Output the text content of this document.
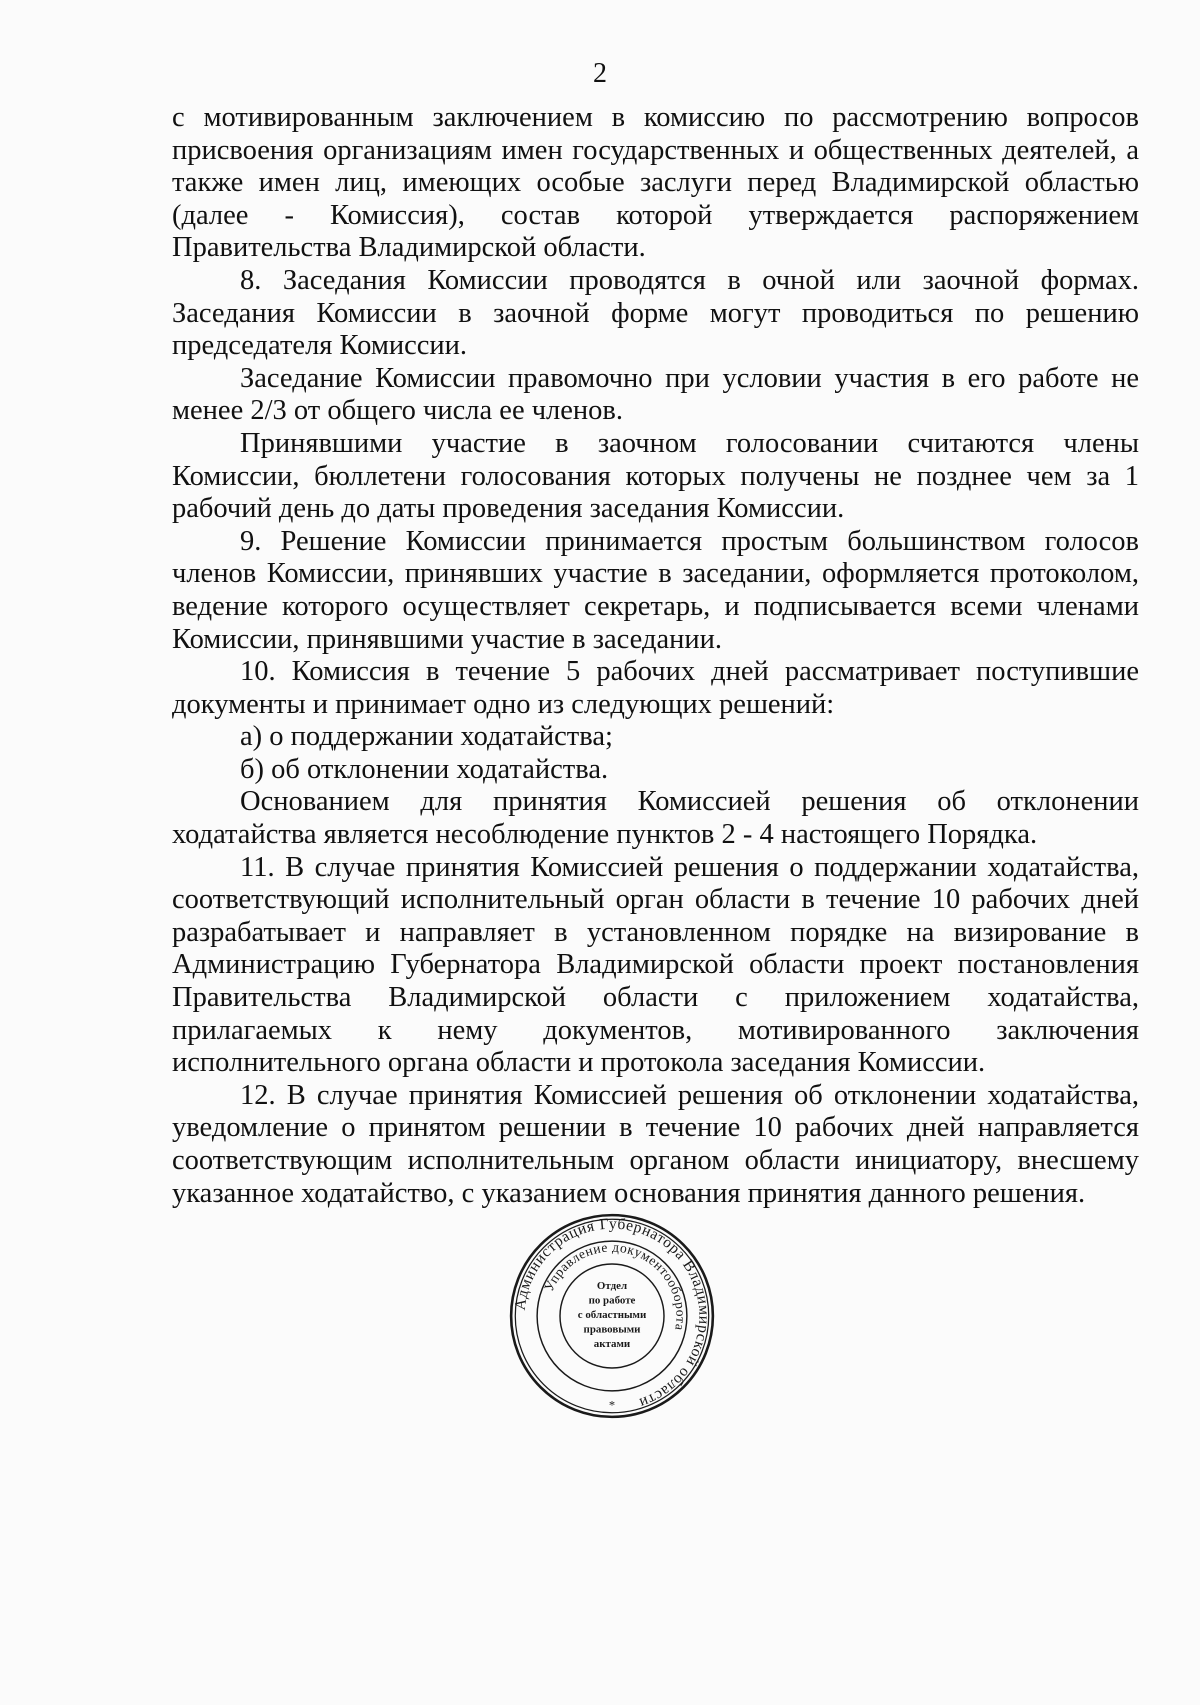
2

с мотивированным заключением в комиссию по рассмотрению вопросов присвоения организациям имен государственных и общественных деятелей, а также имен лиц, имеющих особые заслуги перед Владимирской областью (далее - Комиссия), состав которой утверждается распоряжением Правительства Владимирской области.

8. Заседания Комиссии проводятся в очной или заочной формах. Заседания Комиссии в заочной форме могут проводиться по решению председателя Комиссии.

Заседание Комиссии правомочно при условии участия в его работе не менее 2/3 от общего числа ее членов.

Принявшими участие в заочном голосовании считаются члены Комиссии, бюллетени голосования которых получены не позднее чем за 1 рабочий день до даты проведения заседания Комиссии.

9. Решение Комиссии принимается простым большинством голосов членов Комиссии, принявших участие в заседании, оформляется протоколом, ведение которого осуществляет секретарь, и подписывается всеми членами Комиссии, принявшими участие в заседании.

10. Комиссия в течение 5 рабочих дней рассматривает поступившие документы и принимает одно из следующих решений:

а) о поддержании ходатайства;

б) об отклонении ходатайства.

Основанием для принятия Комиссией решения об отклонении ходатайства является несоблюдение пунктов 2 - 4 настоящего Порядка.

11. В случае принятия Комиссией решения о поддержании ходатайства, соответствующий исполнительный орган области в течение 10 рабочих дней разрабатывает и направляет в установленном порядке на визирование в Администрацию Губернатора Владимирской области проект постановления Правительства Владимирской области с приложением ходатайства, прилагаемых к нему документов, мотивированного заключения исполнительного органа области и протокола заседания Комиссии.

12. В случае принятия Комиссией решения об отклонении ходатайства, уведомление о принятом решении в течение 10 рабочих дней направляется соответствующим исполнительным органом области инициатору, внесшему указанное ходатайство, с указанием основания принятия данного решения.

Администрация Губернатора Владимирской области
Управление документооборота
Отдел
по работе
с областными
правовыми
актами
*
